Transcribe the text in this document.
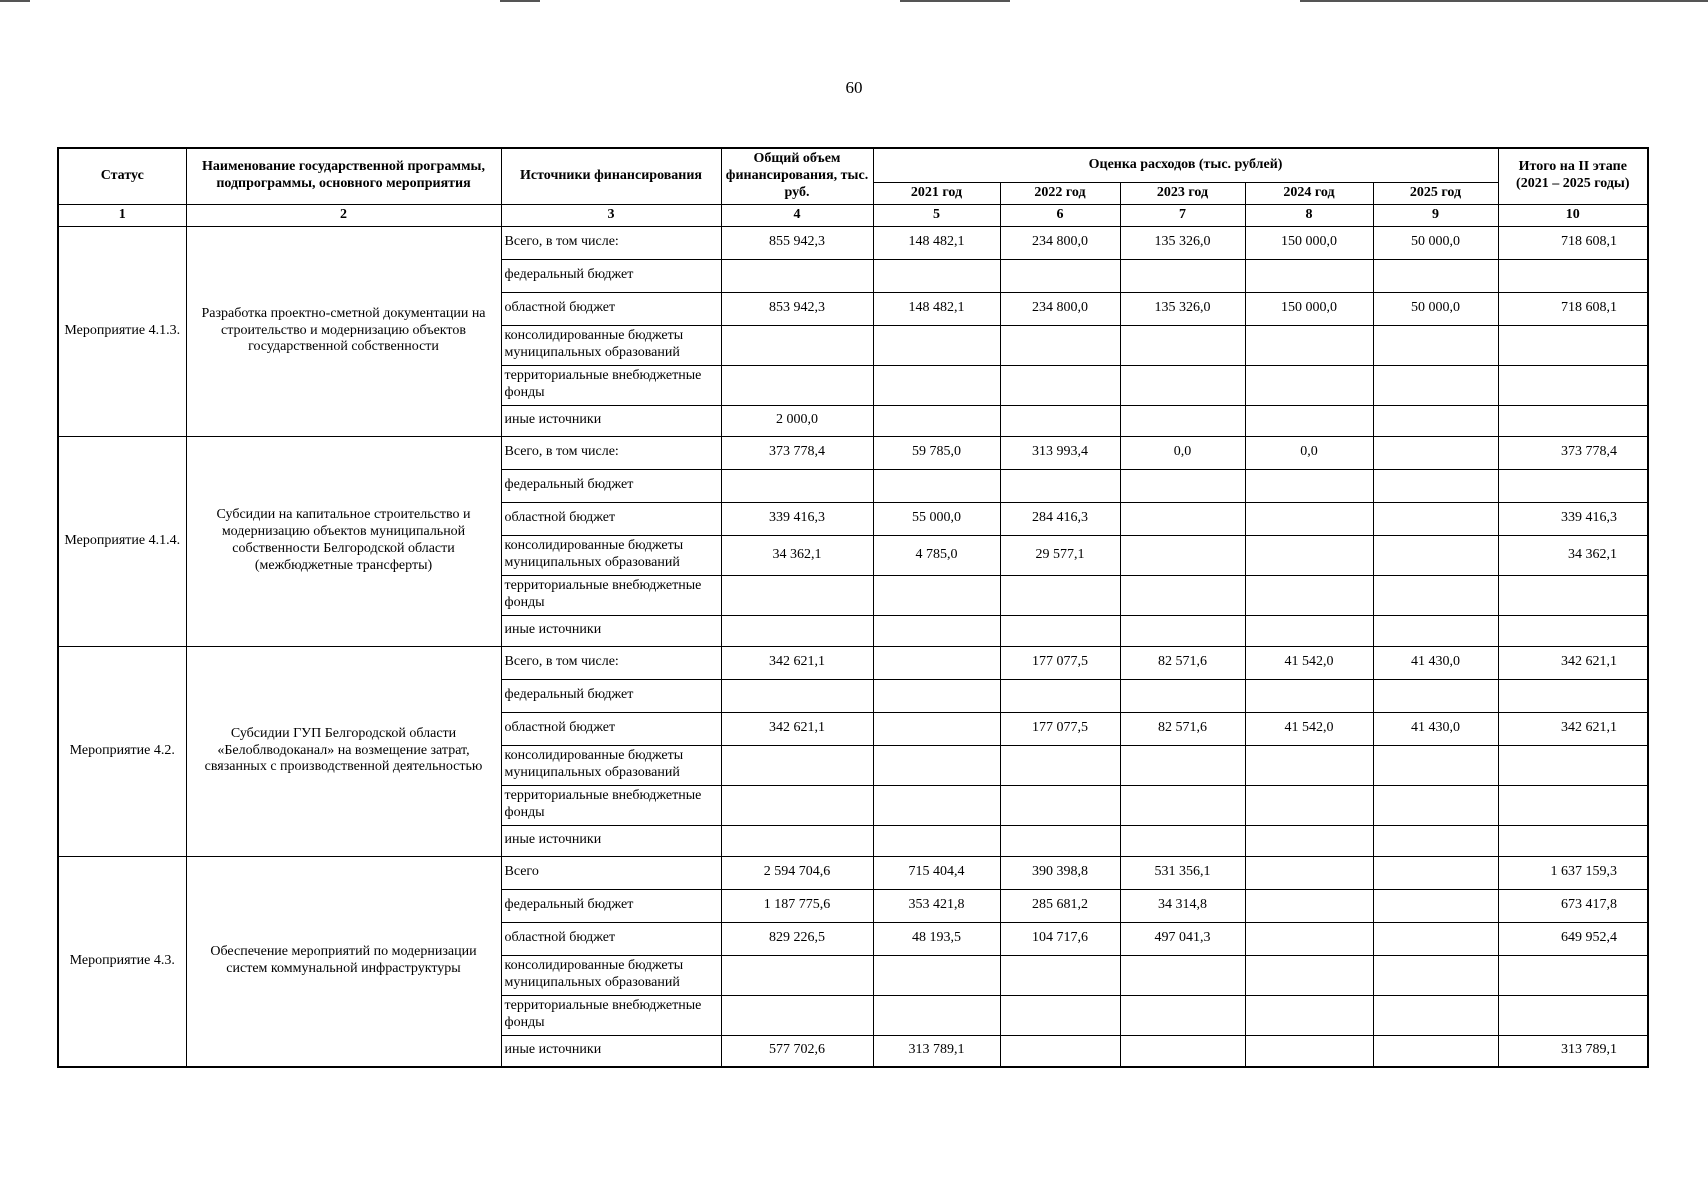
60
Статус	Наименование государственной программы, подпрограммы, основного мероприятия	Источники финансирования	Общий объем финансирования, тыс. руб.	Оценка расходов (тыс. рублей)					Итого на II этапе (2021 – 2025 годы)
				2021 год	2022 год	2023 год	2024 год	2025 год	
1	2	3	4	5	6	7	8	9	10
Мероприятие 4.1.3.	Разработка проектно-сметной документации на строительство и модернизацию объектов государственной собственности	Всего, в том числе:	855 942,3	148 482,1	234 800,0	135 326,0	150 000,0	50 000,0	718 608,1
		федеральный бюджет							
		областной бюджет	853 942,3	148 482,1	234 800,0	135 326,0	150 000,0	50 000,0	718 608,1
		консолидированные бюджеты муниципальных образований							
		территориальные внебюджетные фонды							
		иные источники	2 000,0						
Мероприятие 4.1.4.	Субсидии на капитальное строительство и модернизацию объектов муниципальной собственности Белгородской области (межбюджетные трансферты)	Всего, в том числе:	373 778,4	59 785,0	313 993,4	0,0	0,0		373 778,4
		федеральный бюджет							
		областной бюджет	339 416,3	55 000,0	284 416,3				339 416,3
		консолидированные бюджеты муниципальных образований	34 362,1	4 785,0	29 577,1				34 362,1
		территориальные внебюджетные фонды							
		иные источники							
Мероприятие 4.2.	Субсидии ГУП Белгородской области «Белоблводоканал» на возмещение затрат, связанных с производственной деятельностью	Всего, в том числе:	342 621,1		177 077,5	82 571,6	41 542,0	41 430,0	342 621,1
		федеральный бюджет							
		областной бюджет	342 621,1		177 077,5	82 571,6	41 542,0	41 430,0	342 621,1
		консолидированные бюджеты муниципальных образований							
		территориальные внебюджетные фонды							
		иные источники							
Мероприятие 4.3.	Обеспечение мероприятий по модернизации систем коммунальной инфраструктуры	Всего	2 594 704,6	715 404,4	390 398,8	531 356,1			1 637 159,3
		федеральный бюджет	1 187 775,6	353 421,8	285 681,2	34 314,8			673 417,8
		областной бюджет	829 226,5	48 193,5	104 717,6	497 041,3			649 952,4
		консолидированные бюджеты муниципальных образований							
		территориальные внебюджетные фонды							
		иные источники	577 702,6	313 789,1					313 789,1
